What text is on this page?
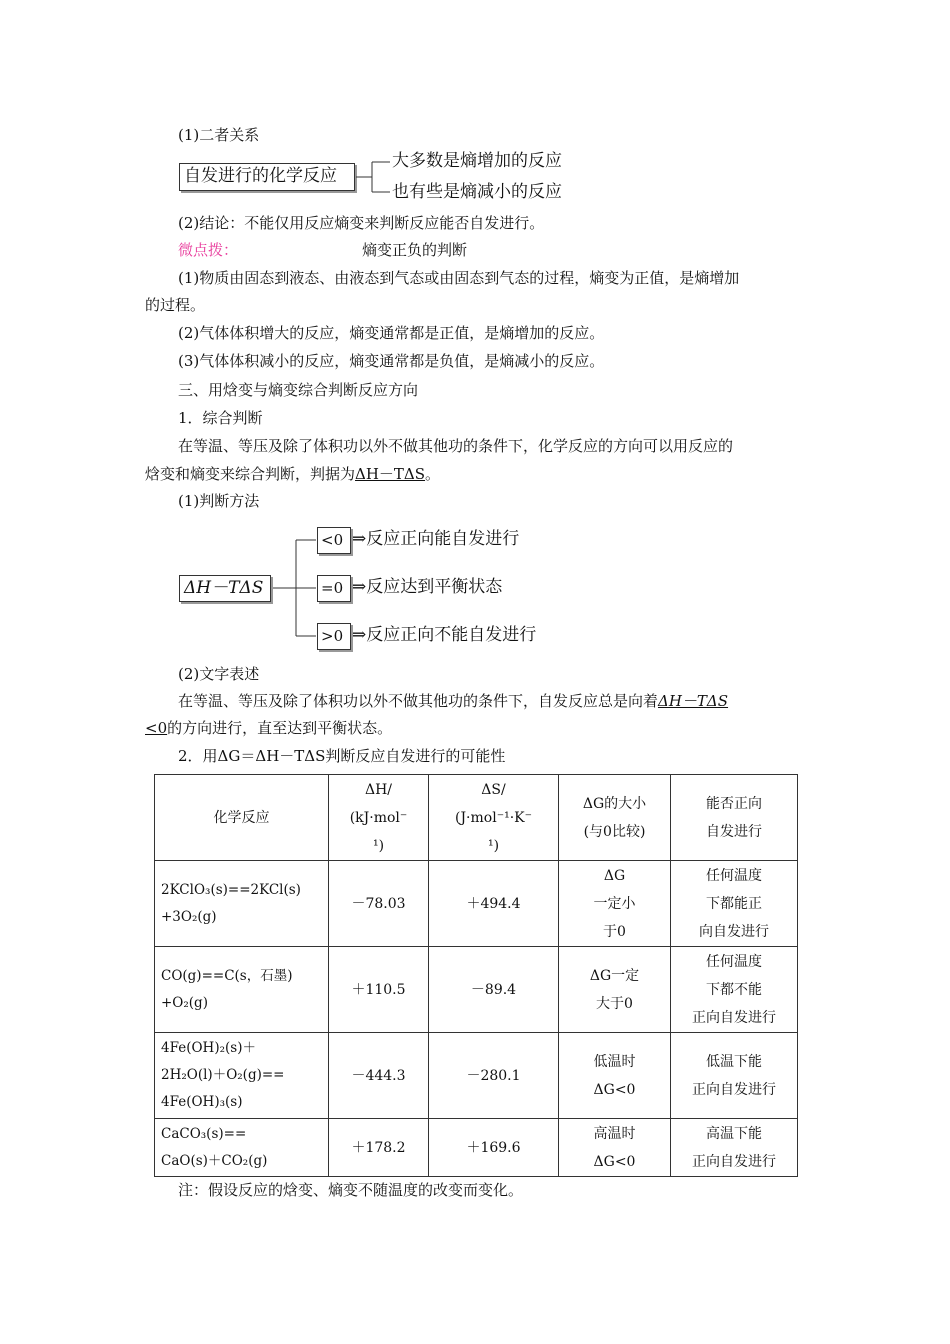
(1)二者关系
自发进行的化学反应
大多数是熵增加的反应
也有些是熵减小的反应
(2)结论：不能仅用反应熵变来判断反应能否自发进行。
微点拨：	熵变正负的判断
(1)物质由固态到液态、由液态到气态或由固态到气态的过程，熵变为正值，是熵增加
的过程。
(2)气体体积增大的反应，熵变通常都是正值，是熵增加的反应。
(3)气体体积减小的反应，熵变通常都是负值，是熵减小的反应。
三、用焓变与熵变综合判断反应方向
1．综合判断
在等温、等压及除了体积功以外不做其他功的条件下，化学反应的方向可以用反应的
焓变和熵变来综合判断，判据为ΔH－TΔS。
(1)判断方法
ΔH－TΔS
<0 ⇒反应正向能自发进行
=0 ⇒反应达到平衡状态
>0 ⇒反应正向不能自发进行
(2)文字表述
在等温、等压及除了体积功以外不做其他功的条件下，自发反应总是向着ΔH－TΔS
<0的方向进行，直至达到平衡状态。
2．用ΔG＝ΔH－TΔS判断反应自发进行的可能性
化学反应	ΔH/
(kJ·mol⁻
¹)	ΔS/
(J·mol⁻¹·K⁻
¹)	ΔG的大小
(与0比较)	能否正向
自发进行

2KClO₃(s)==2KCl(s)
+3O₂(g)	－78.03	＋494.4	ΔG
一定小
于0	任何温度
下都能正
向自发进行

CO(g)==C(s，石墨)
+O₂(g)	＋110.5	－89.4	ΔG一定
大于0	任何温度
下都不能
正向自发进行

4Fe(OH)₂(s)＋
2H₂O(l)＋O₂(g)==
4Fe(OH)₃(s)	－444.3	－280.1	低温时
ΔG<0	低温下能
正向自发进行

CaCO₃(s)==
CaO(s)＋CO₂(g)	＋178.2	＋169.6	高温时
ΔG<0	高温下能
正向自发进行
注：假设反应的焓变、熵变不随温度的改变而变化。
